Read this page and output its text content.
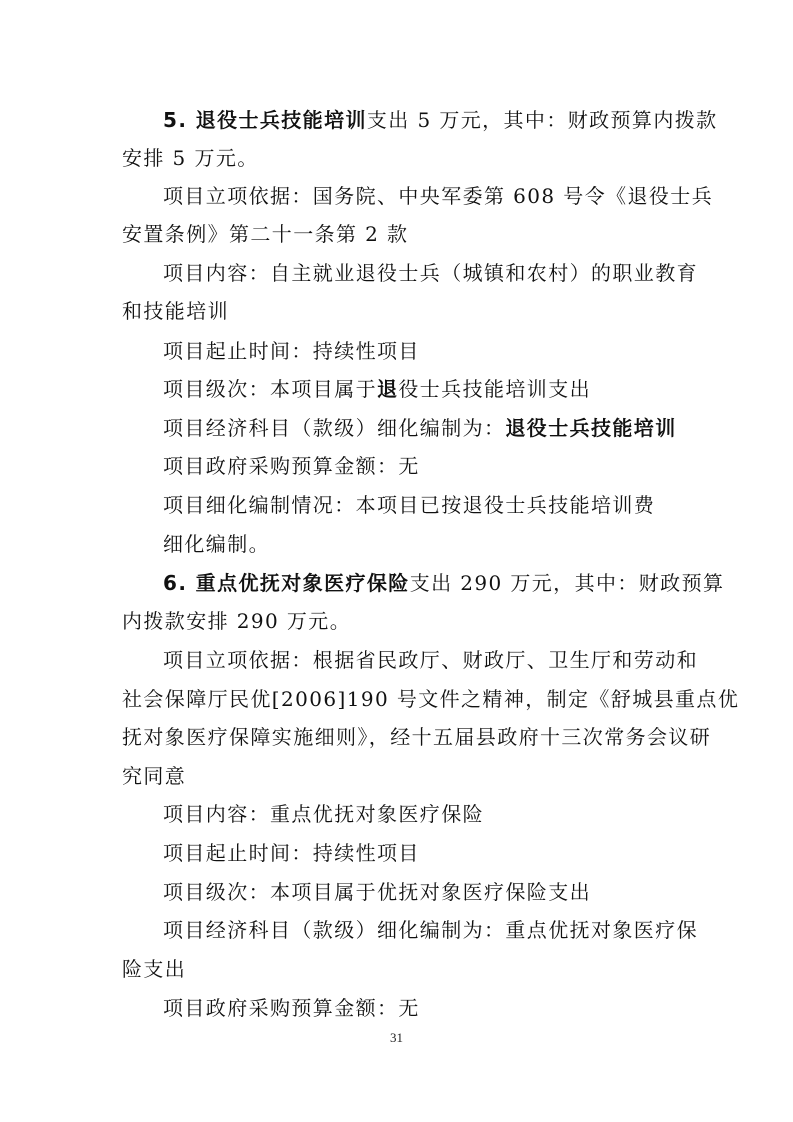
5. 退役士兵技能培训支出 5 万元，其中：财政预算内拨款
安排 5 万元。
项目立项依据：国务院、中央军委第 608 号令《退役士兵
安置条例》第二十一条第 2 款
项目内容：自主就业退役士兵（城镇和农村）的职业教育
和技能培训
项目起止时间：持续性项目
项目级次：本项目属于退役士兵技能培训支出
项目经济科目（款级）细化编制为：退役士兵技能培训
项目政府采购预算金额：无
项目细化编制情况：本项目已按退役士兵技能培训费
细化编制。
6. 重点优抚对象医疗保险支出 290 万元，其中：财政预算
内拨款安排 290 万元。
项目立项依据：根据省民政厅、财政厅、卫生厅和劳动和
社会保障厅民优[2006]190 号文件之精神，制定《舒城县重点优
抚对象医疗保障实施细则》，经十五届县政府十三次常务会议研
究同意
项目内容：重点优抚对象医疗保险
项目起止时间：持续性项目
项目级次：本项目属于优抚对象医疗保险支出
项目经济科目（款级）细化编制为：重点优抚对象医疗保
险支出
项目政府采购预算金额：无
31
